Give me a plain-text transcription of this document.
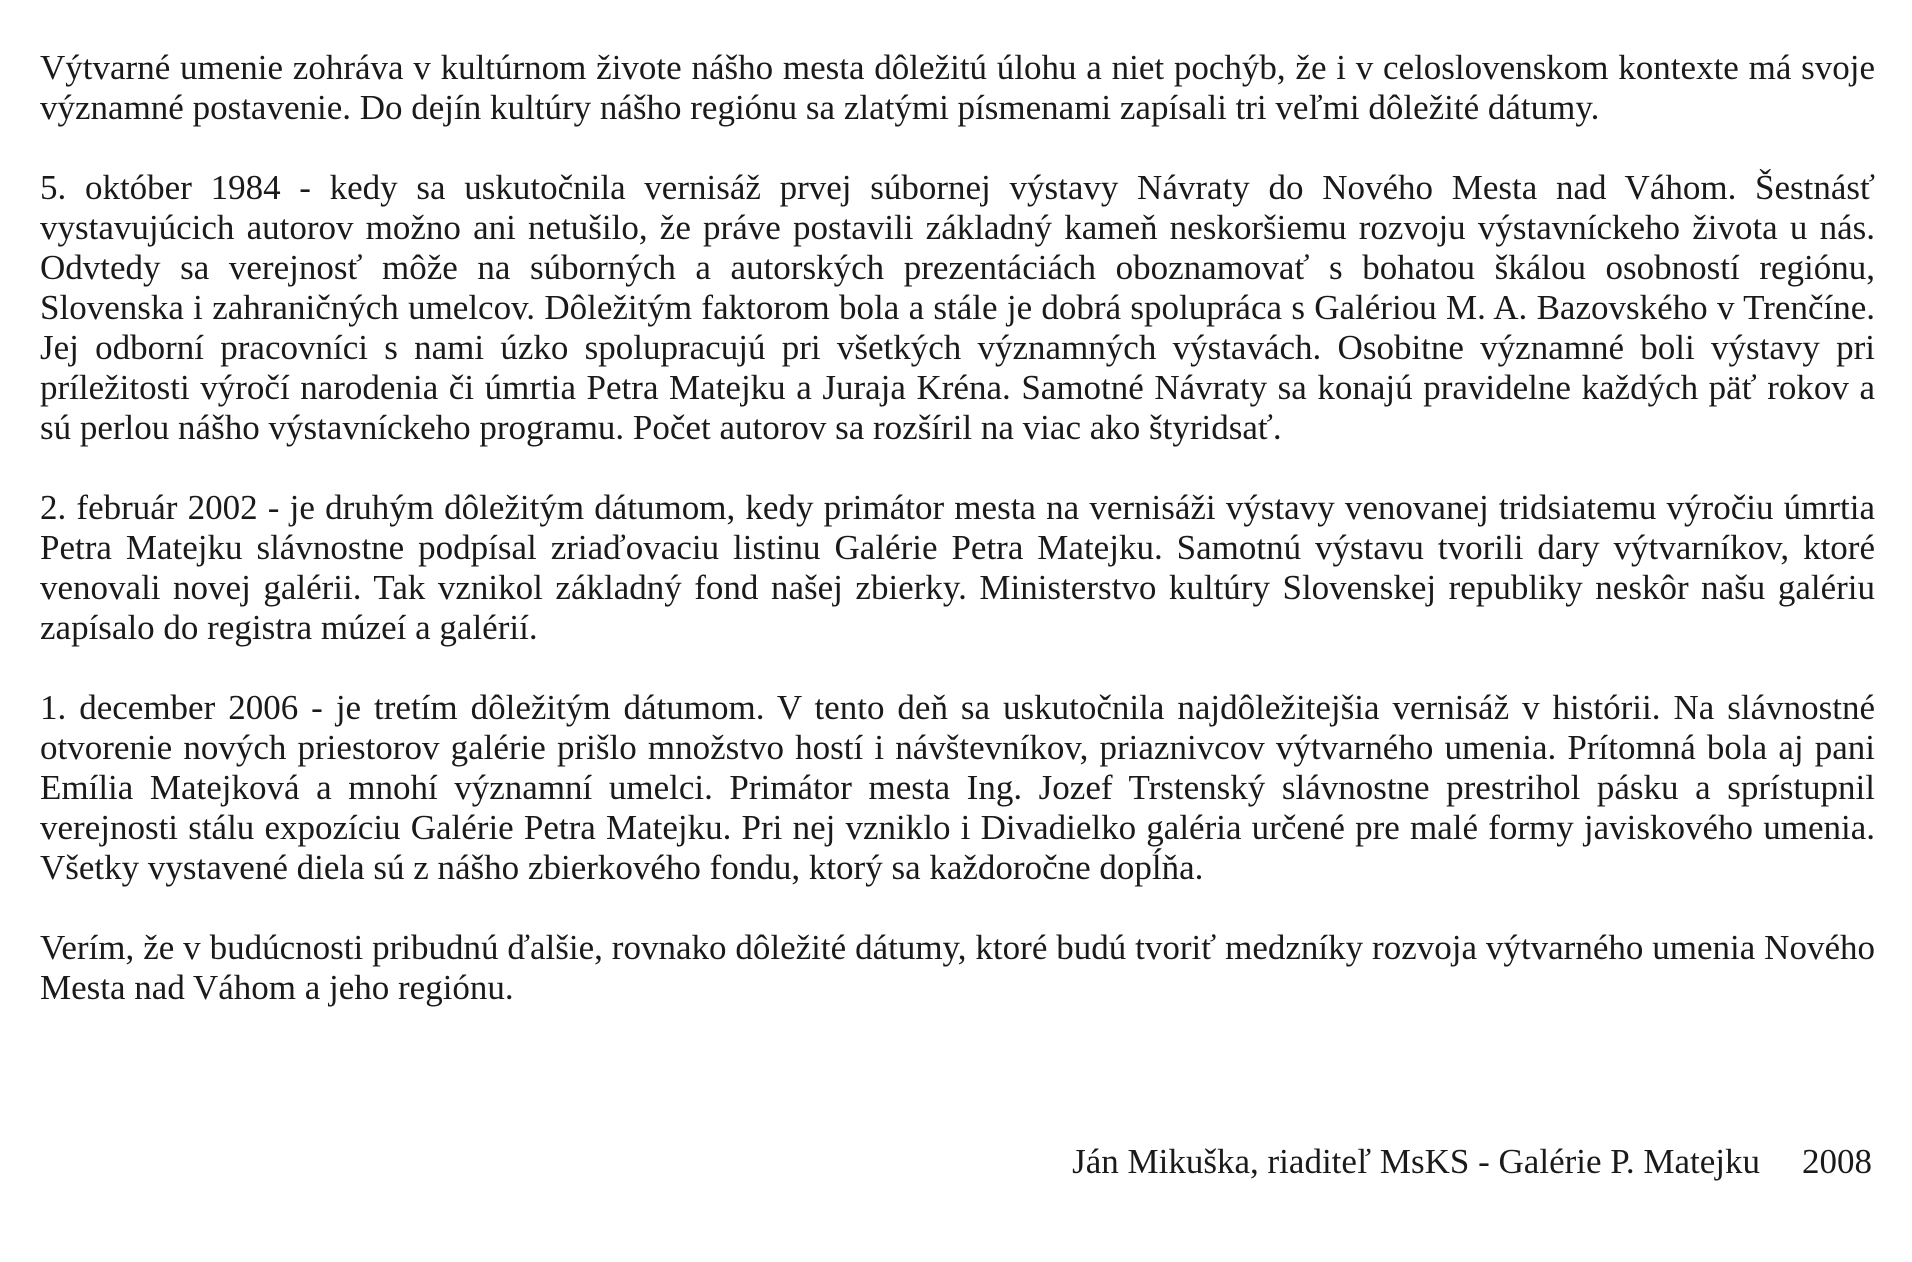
Výtvarné umenie zohráva v kultúrnom živote nášho mesta dôležitú úlohu a niet pochýb, že i v celoslovenskom kontexte má svoje významné postavenie. Do dejín kultúry nášho regiónu sa zlatými písmenami zapísali tri veľmi dôležité dátumy.

5. október 1984 - kedy sa uskutočnila vernisáž prvej súbornej výstavy Návraty do Nového Mesta nad Váhom. Šestnásť vystavujúcich autorov možno ani netušilo, že práve postavili základný kameň neskoršiemu rozvoju výstavníckeho života u nás. Odvtedy sa verejnosť môže na súborných a autorských prezentáciách oboznamovať s bohatou škálou osobností regiónu, Slovenska i zahraničných umelcov. Dôležitým faktorom bola a stále je dobrá spolupráca s Galériou M. A. Bazovského v Trenčíne. Jej odborní pracovníci s nami úzko spolupracujú pri všetkých významných výstavách. Osobitne významné boli výstavy pri príležitosti výročí narodenia či úmrtia Petra Matejku a Juraja Kréna. Samotné Návraty sa konajú pravidelne každých päť rokov a sú perlou nášho výstavníckeho programu. Počet autorov sa rozšíril na viac ako štyridsať.

2. február 2002 - je druhým dôležitým dátumom, kedy primátor mesta na vernisáži výstavy venovanej tridsiatemu výročiu úmrtia Petra Matejku slávnostne podpísal zriaďovaciu listinu Galérie Petra Matejku. Samotnú výstavu tvorili dary výtvarníkov, ktoré venovali novej galérii. Tak vznikol základný fond našej zbierky. Ministerstvo kultúry Slovenskej republiky neskôr našu galériu zapísalo do registra múzeí a galérií.

1. december 2006 - je tretím dôležitým dátumom. V tento deň sa uskutočnila najdôležitejšia vernisáž v histórii. Na slávnostné otvorenie nových priestorov galérie prišlo množstvo hostí i návštevníkov, priaznivcov výtvarného umenia. Prítomná bola aj pani Emília Matejková a mnohí významní umelci. Primátor mesta Ing. Jozef Trstenský slávnostne prestrihol pásku a sprístupnil verejnosti stálu expozíciu Galérie Petra Matejku. Pri nej vzniklo i Divadielko galéria určené pre malé formy javiskového umenia. Všetky vystavené diela sú z nášho zbierkového fondu, ktorý sa každoročne dopĺňa.

Verím, že v budúcnosti pribudnú ďalšie, rovnako dôležité dátumy, ktoré budú tvoriť medzníky rozvoja výtvarného umenia Nového Mesta nad Váhom a jeho regiónu.

Ján Mikuška, riaditeľ MsKS - Galérie P. Matejku 2008
